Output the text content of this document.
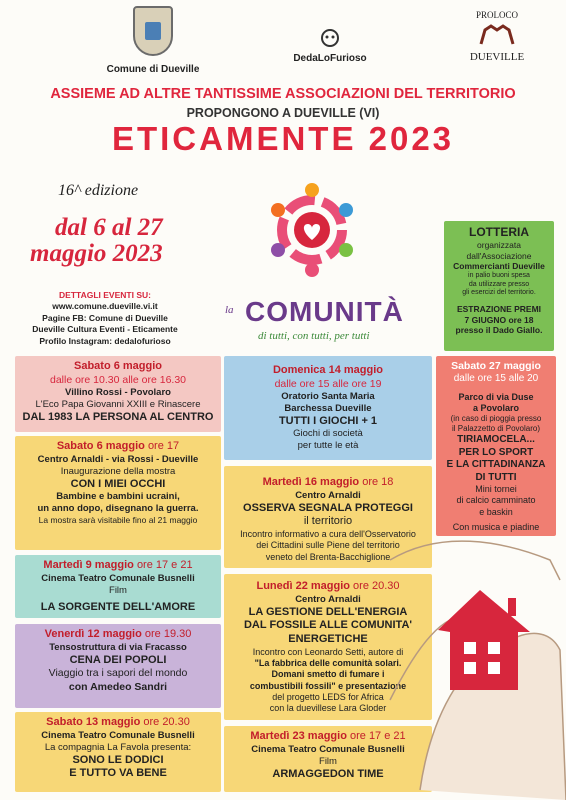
Comune di Dueville
DedaLoFurioso
PROLOCO
DUEVILLE
ASSIEME AD ALTRE TANTISSIME ASSOCIAZIONI DEL TERRITORIO
PROPONGONO A DUEVILLE (VI)
ETICAMENTE 2023
16^ edizione
dal 6 al 27
maggio 2023
DETTAGLI EVENTI SU:
www.comune.dueville.vi.it
Pagine FB: Comune di Dueville
Dueville Cultura Eventi - Eticamente
Profilo Instagram: dedalofurioso
la COMUNITÀ
di tutti, con tutti, per tutti
LOTTERIA
organizzata
dall'Associazione
Commercianti Dueville
in palio buoni spesa
da utilizzare presso
gli esercizi del territorio.
ESTRAZIONE PREMI
7 GIUGNO ore 18
presso il Dado Giallo.
Sabato 6 maggio
dalle ore 10.30 alle ore 16.30
Villino Rossi - Povolaro
L'Eco Papa Giovanni XXIII e Rinascere
DAL 1983 LA PERSONA AL CENTRO
Sabato 6 maggio ore 17
Centro Arnaldi - via Rossi - Dueville
Inaugurazione della mostra
CON I MIEI OCCHI
Bambine e bambini ucraini,
un anno dopo, disegnano la guerra.
La mostra sarà visitabile fino al 21 maggio
Martedì 9 maggio ore 17 e 21
Cinema Teatro Comunale Busnelli
Film
LA SORGENTE DELL'AMORE
Venerdì 12 maggio ore 19.30
Tensostruttura di via Fracasso
CENA DEI POPOLI
Viaggio tra i sapori del mondo
con Amedeo Sandri
Sabato 13 maggio ore 20.30
Cinema Teatro Comunale Busnelli
La compagnia La Favola presenta:
SONO LE DODICI
E TUTTO VA BENE
Domenica 14 maggio
dalle ore 15 alle ore 19
Oratorio Santa Maria
Barchessa Dueville
TUTTI I GIOCHI + 1
Giochi di società
per tutte le età
Martedì 16 maggio ore 18
Centro Arnaldi
OSSERVA SEGNALA PROTEGGI
il territorio
Incontro informativo a cura dell'Osservatorio
dei Cittadini sulle Piene del territorio
veneto del Brenta-Bacchiglione
Lunedì 22 maggio ore 20.30
Centro Arnaldi
LA GESTIONE DELL'ENERGIA
DAL FOSSILE ALLE COMUNITA'
ENERGETICHE
Incontro con Leonardo Setti, autore di
"La fabbrica delle comunità solari.
Domani smetto di fumare i
combustibili fossili" e presentazione
del progetto LEDS for Africa
con la duevillese Lara Gloder
Martedì 23 maggio ore 17 e 21
Cinema Teatro Comunale Busnelli
Film
ARMAGGEDON TIME
Sabato 27 maggio
dalle ore 15 alle 20
Parco di via Duse
a Povolaro
(in caso di pioggia presso
il Palazzetto di Povolaro)
TIRIAMOCELA...
PER LO SPORT
E LA CITTADINANZA
DI TUTTI
Mini tornei
di calcio camminato
e baskin
Con musica e piadine
